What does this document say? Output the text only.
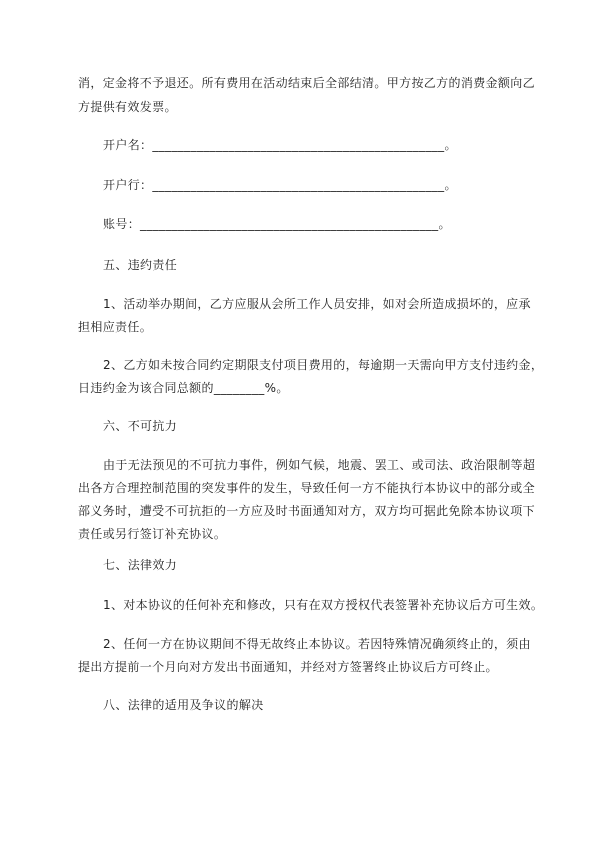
消，定金将不予退还。所有费用在活动结束后全部结清。甲方按乙方的消费金额向乙
方提供有效发票。
开户名：______________________________________________。
开户行：______________________________________________。
账号：_______________________________________________。
五、违约责任
1、活动举办期间，乙方应服从会所工作人员安排，如对会所造成损坏的，应承
担相应责任。
2、乙方如未按合同约定期限支付项目费用的，每逾期一天需向甲方支付违约金，
日违约金为该合同总额的________%。
六、不可抗力
由于无法预见的不可抗力事件，例如气候，地震、罢工、或司法、政治限制等超
出各方合理控制范围的突发事件的发生，导致任何一方不能执行本协议中的部分或全
部义务时，遭受不可抗拒的一方应及时书面通知对方，双方均可据此免除本协议项下
责任或另行签订补充协议。
七、法律效力
1、对本协议的任何补充和修改，只有在双方授权代表签署补充协议后方可生效。
2、任何一方在协议期间不得无故终止本协议。若因特殊情况确须终止的，须由
提出方提前一个月向对方发出书面通知，并经对方签署终止协议后方可终止。
八、法律的适用及争议的解决
